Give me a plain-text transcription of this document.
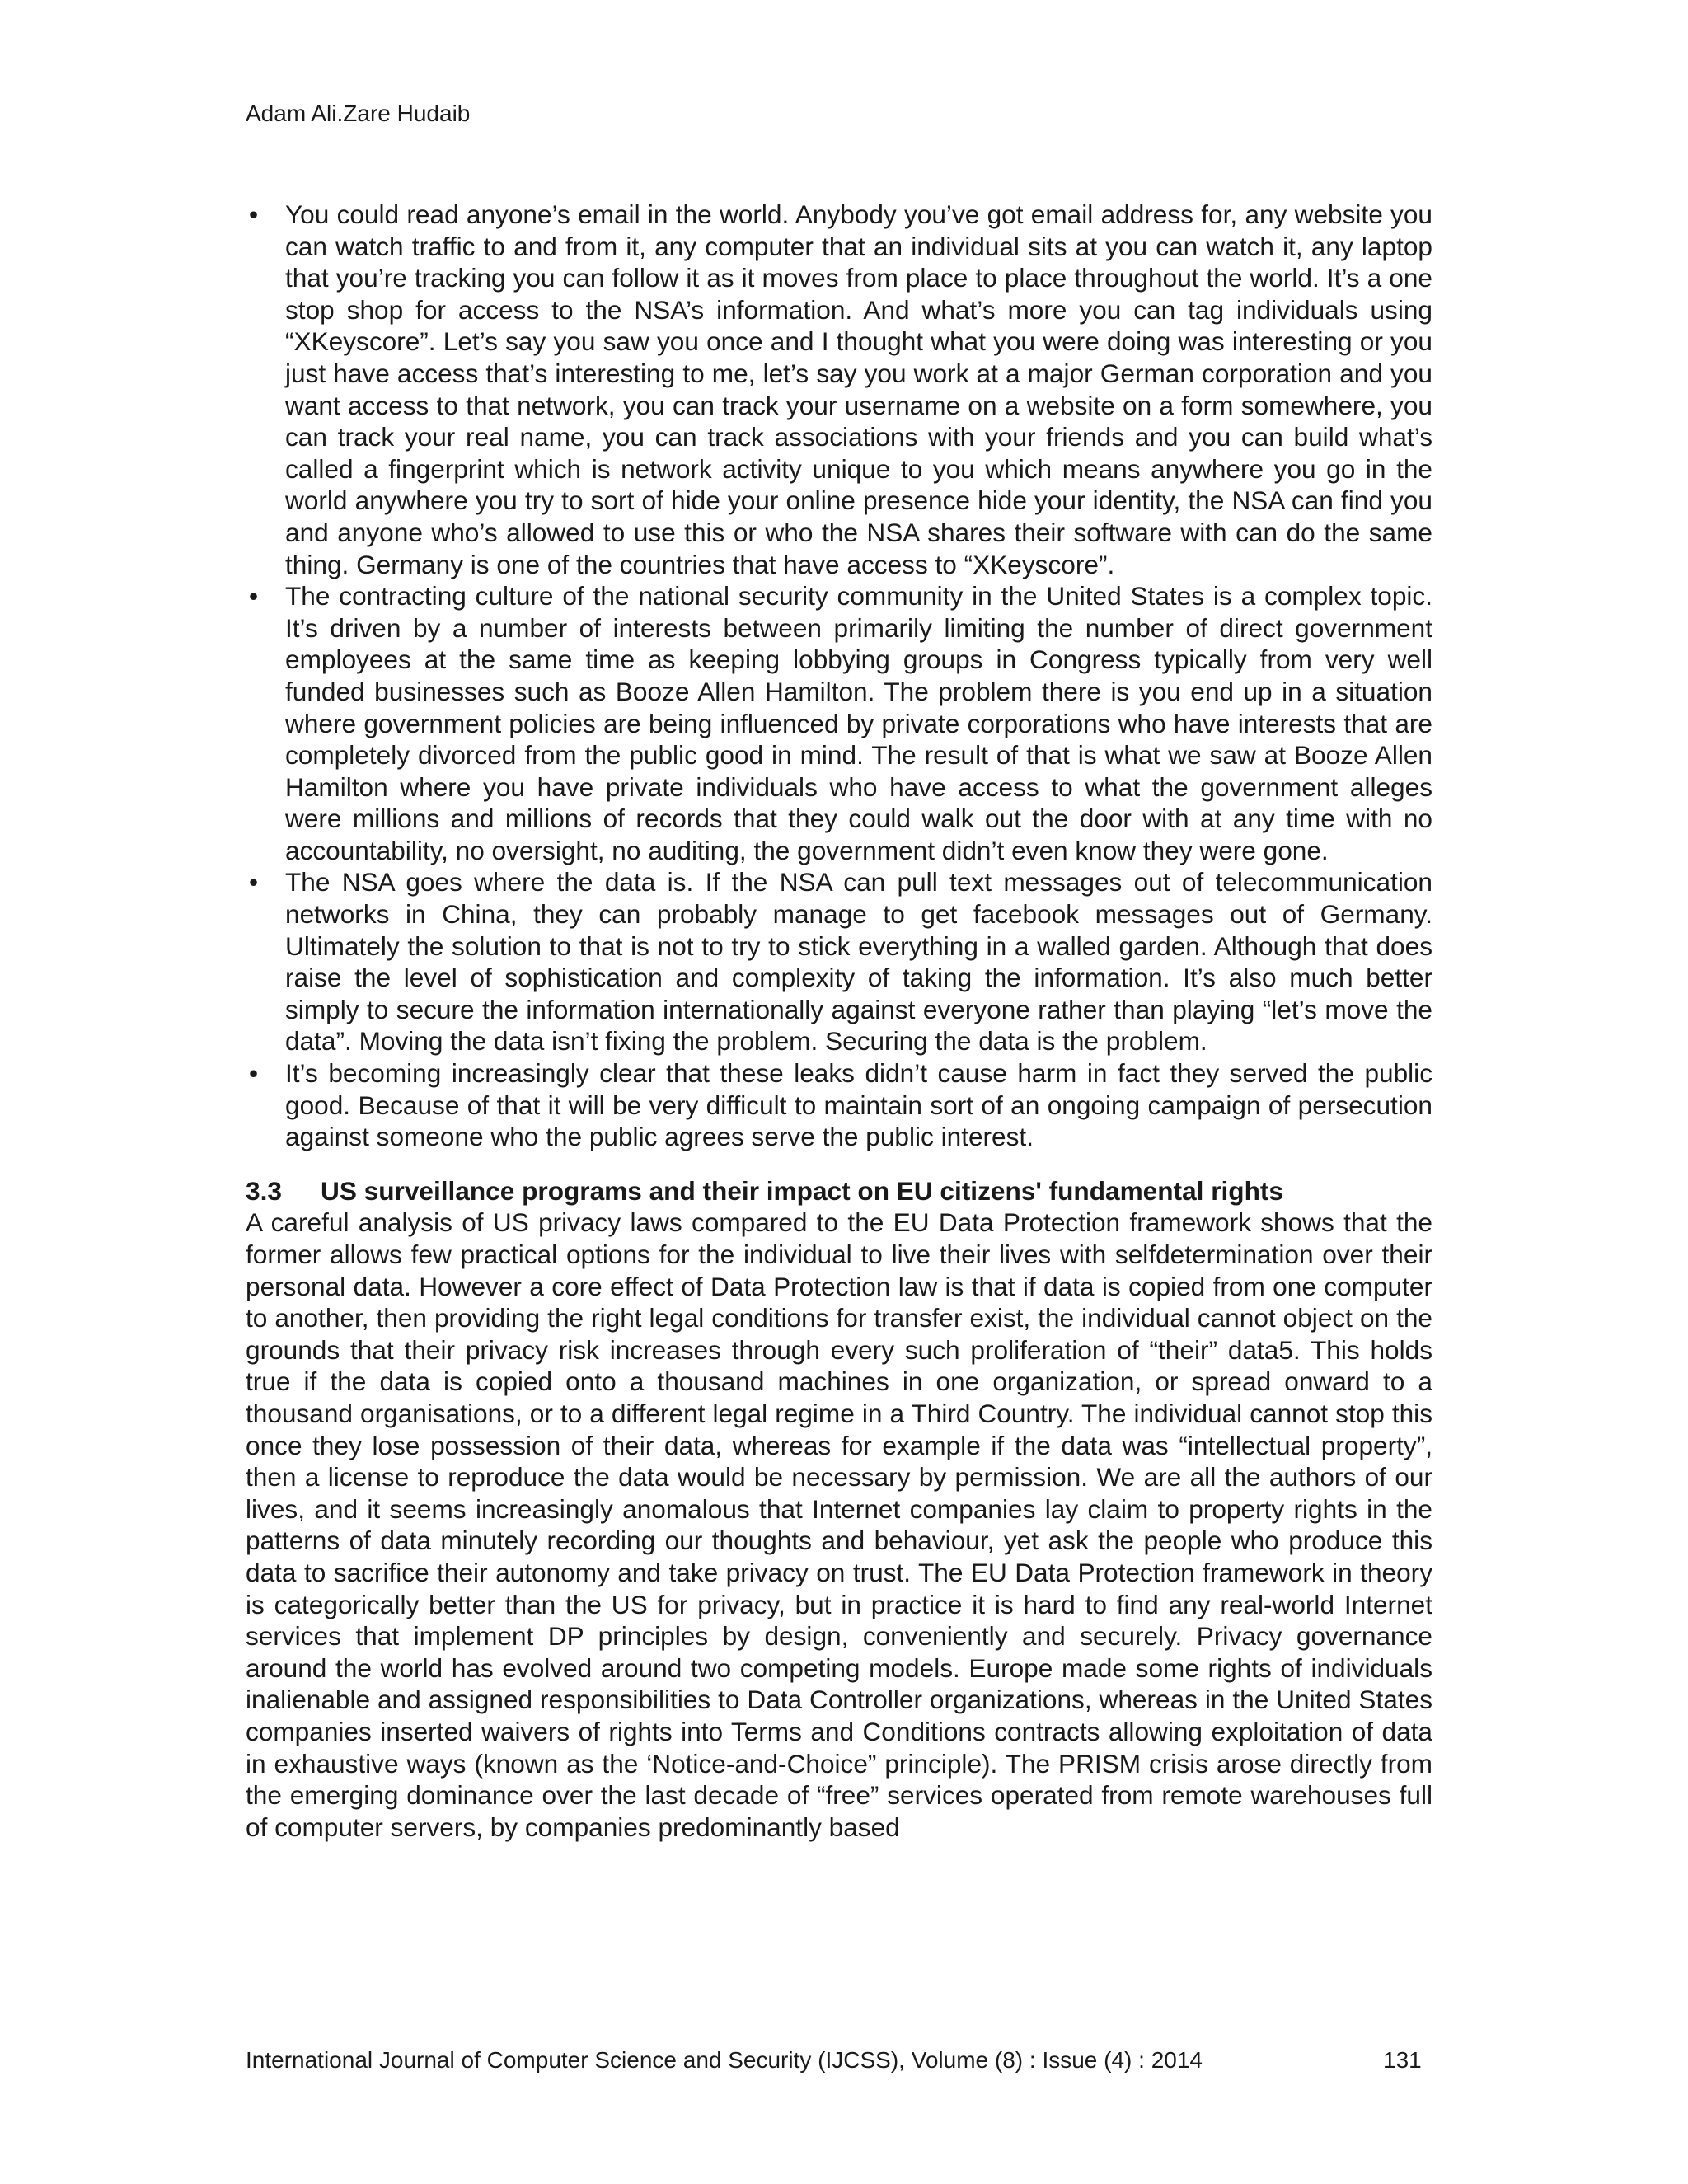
Adam Ali.Zare Hudaib
• You could read anyone’s email in the world. Anybody you’ve got email address for, any website you can watch traffic to and from it, any computer that an individual sits at you can watch it, any laptop that you’re tracking you can follow it as it moves from place to place throughout the world. It’s a one stop shop for access to the NSA’s information. And what’s more you can tag individuals using “XKeyscore”. Let’s say you saw you once and I thought what you were doing was interesting or you just have access that’s interesting to me, let’s say you work at a major German corporation and you want access to that network, you can track your username on a website on a form somewhere, you can track your real name, you can track associations with your friends and you can build what’s called a fingerprint which is network activity unique to you which means anywhere you go in the world anywhere you try to sort of hide your online presence hide your identity, the NSA can find you and anyone who’s allowed to use this or who the NSA shares their software with can do the same thing. Germany is one of the countries that have access to “XKeyscore”.
• The contracting culture of the national security community in the United States is a complex topic. It’s driven by a number of interests between primarily limiting the number of direct government employees at the same time as keeping lobbying groups in Congress typically from very well funded businesses such as Booze Allen Hamilton. The problem there is you end up in a situation where government policies are being influenced by private corporations who have interests that are completely divorced from the public good in mind. The result of that is what we saw at Booze Allen Hamilton where you have private individuals who have access to what the government alleges were millions and millions of records that they could walk out the door with at any time with no accountability, no oversight, no auditing, the government didn’t even know they were gone.
• The NSA goes where the data is. If the NSA can pull text messages out of telecommunication networks in China, they can probably manage to get facebook messages out of Germany. Ultimately the solution to that is not to try to stick everything in a walled garden. Although that does raise the level of sophistication and complexity of taking the information. It’s also much better simply to secure the information internationally against everyone rather than playing “let’s move the data”. Moving the data isn’t fixing the problem. Securing the data is the problem.
• It’s becoming increasingly clear that these leaks didn’t cause harm in fact they served the public good. Because of that it will be very difficult to maintain sort of an ongoing campaign of persecution against someone who the public agrees serve the public interest.
3.3 US surveillance programs and their impact on EU citizens' fundamental rights

A careful analysis of US privacy laws compared to the EU Data Protection framework shows that the former allows few practical options for the individual to live their lives with selfdetermination over their personal data. However a core effect of Data Protection law is that if data is copied from one computer to another, then providing the right legal conditions for transfer exist, the individual cannot object on the grounds that their privacy risk increases through every such proliferation of “their” data5. This holds true if the data is copied onto a thousand machines in one organization, or spread onward to a thousand organisations, or to a different legal regime in a Third Country. The individual cannot stop this once they lose possession of their data, whereas for example if the data was “intellectual property”, then a license to reproduce the data would be necessary by permission. We are all the authors of our lives, and it seems increasingly anomalous that Internet companies lay claim to property rights in the patterns of data minutely recording our thoughts and behaviour, yet ask the people who produce this data to sacrifice their autonomy and take privacy on trust. The EU Data Protection framework in theory is categorically better than the US for privacy, but in practice it is hard to find any real-world Internet services that implement DP principles by design, conveniently and securely. Privacy governance around the world has evolved around two competing models. Europe made some rights of individuals inalienable and assigned responsibilities to Data Controller organizations, whereas in the United States companies inserted waivers of rights into Terms and Conditions contracts allowing exploitation of data in exhaustive ways (known as the ‘Notice-and-Choice” principle). The PRISM crisis arose directly from the emerging dominance over the last decade of “free” services operated from remote warehouses full of computer servers, by companies predominantly based

International Journal of Computer Science and Security (IJCSS), Volume (8) : Issue (4) : 2014	131
